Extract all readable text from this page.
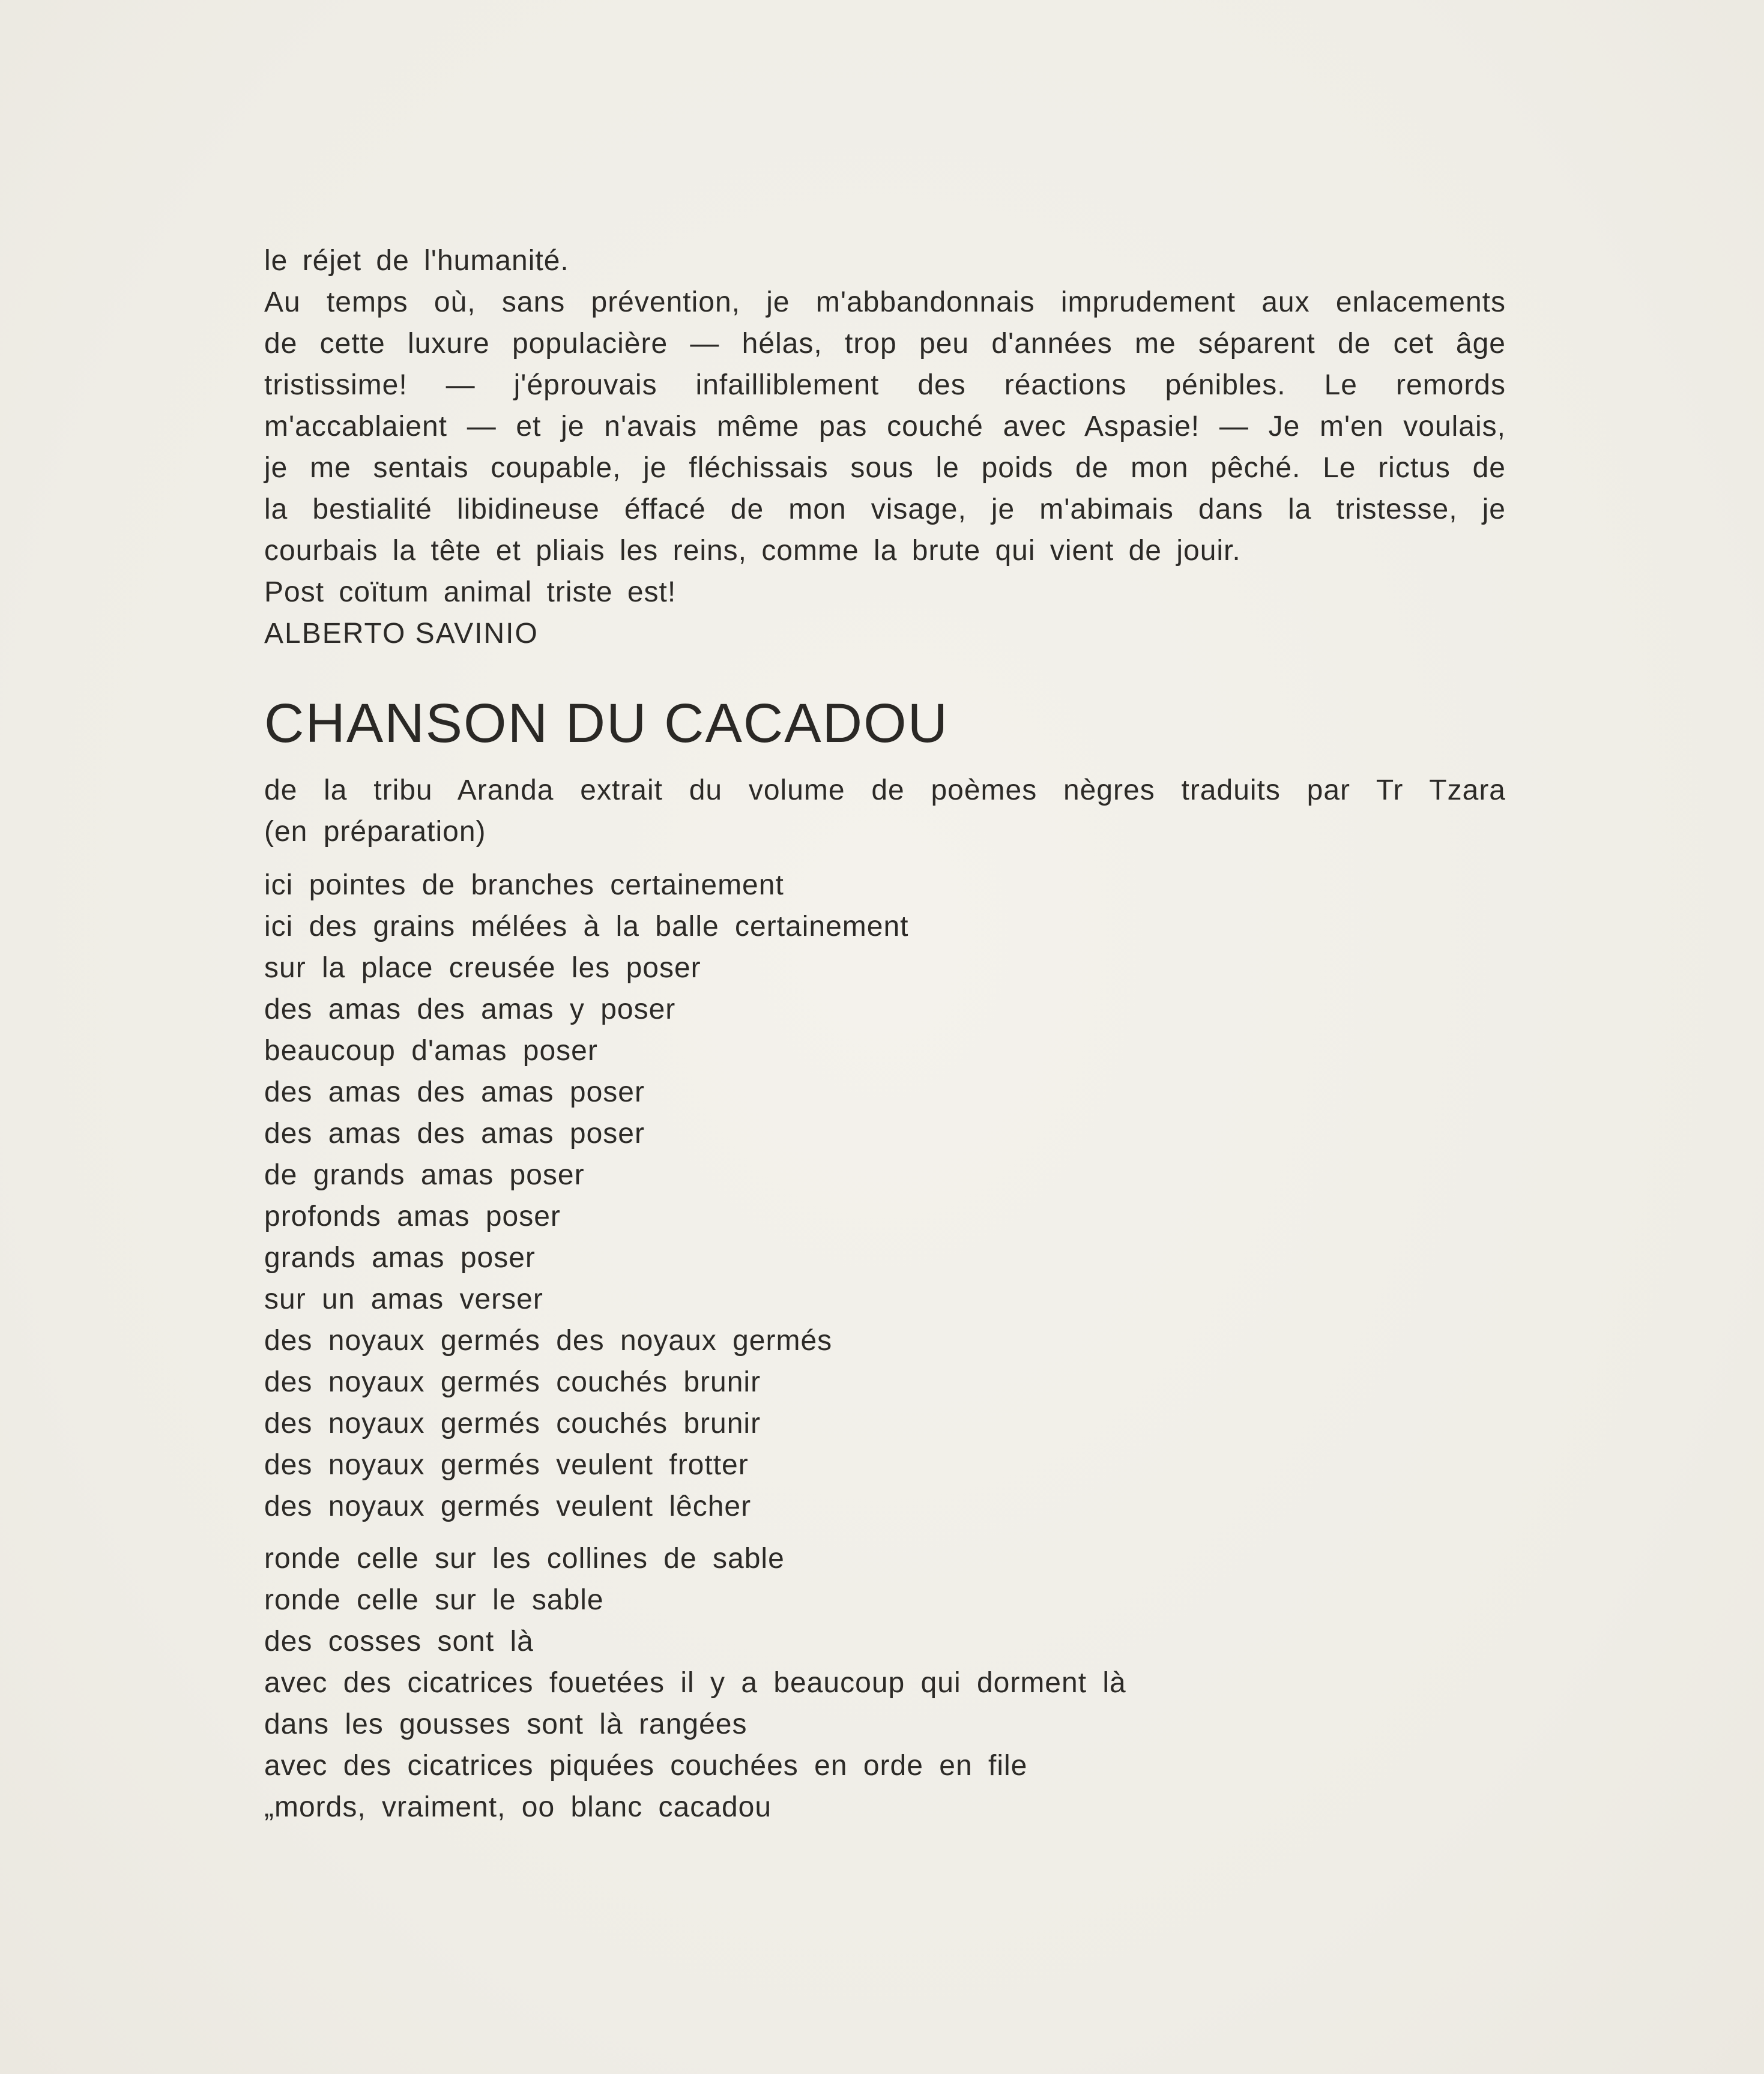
le réjet de l'humanité.
Au temps où, sans prévention, je m'abbandonnais imprudement aux enlacements
de cette luxure populacière — hélas, trop peu d'années me séparent de cet âge
tristissime! — j'éprouvais infailliblement des réactions pénibles. Le remords
m'accablaient — et je n'avais même pas couché avec Aspasie! — Je m'en voulais,
je me sentais coupable, je fléchissais sous le poids de mon pêché. Le rictus de
la bestialité libidineuse éffacé de mon visage, je m'abimais dans la tristesse, je
courbais la tête et pliais les reins, comme la brute qui vient de jouir.
Post coïtum animal triste est!
ALBERTO SAVINIO
CHANSON DU CACADOU
de la tribu Aranda extrait du volume de poèmes nègres traduits par Tr Tzara
(en préparation)
ici pointes de branches certainement
ici des grains mélées à la balle certainement
sur la place creusée les poser
des amas des amas y poser
beaucoup d'amas poser
des amas des amas poser
des amas des amas poser
de grands amas poser
profonds amas poser
grands amas poser
sur un amas verser
des noyaux germés des noyaux germés
des noyaux germés couchés brunir
des noyaux germés couchés brunir
des noyaux germés veulent frotter
des noyaux germés veulent lêcher
ronde celle sur les collines de sable
ronde celle sur le sable
des cosses sont là
avec des cicatrices fouetées il y a beaucoup qui dorment là
dans les gousses sont là rangées
avec des cicatrices piquées couchées en orde en file
„mords, vraiment, oo blanc cacadou
